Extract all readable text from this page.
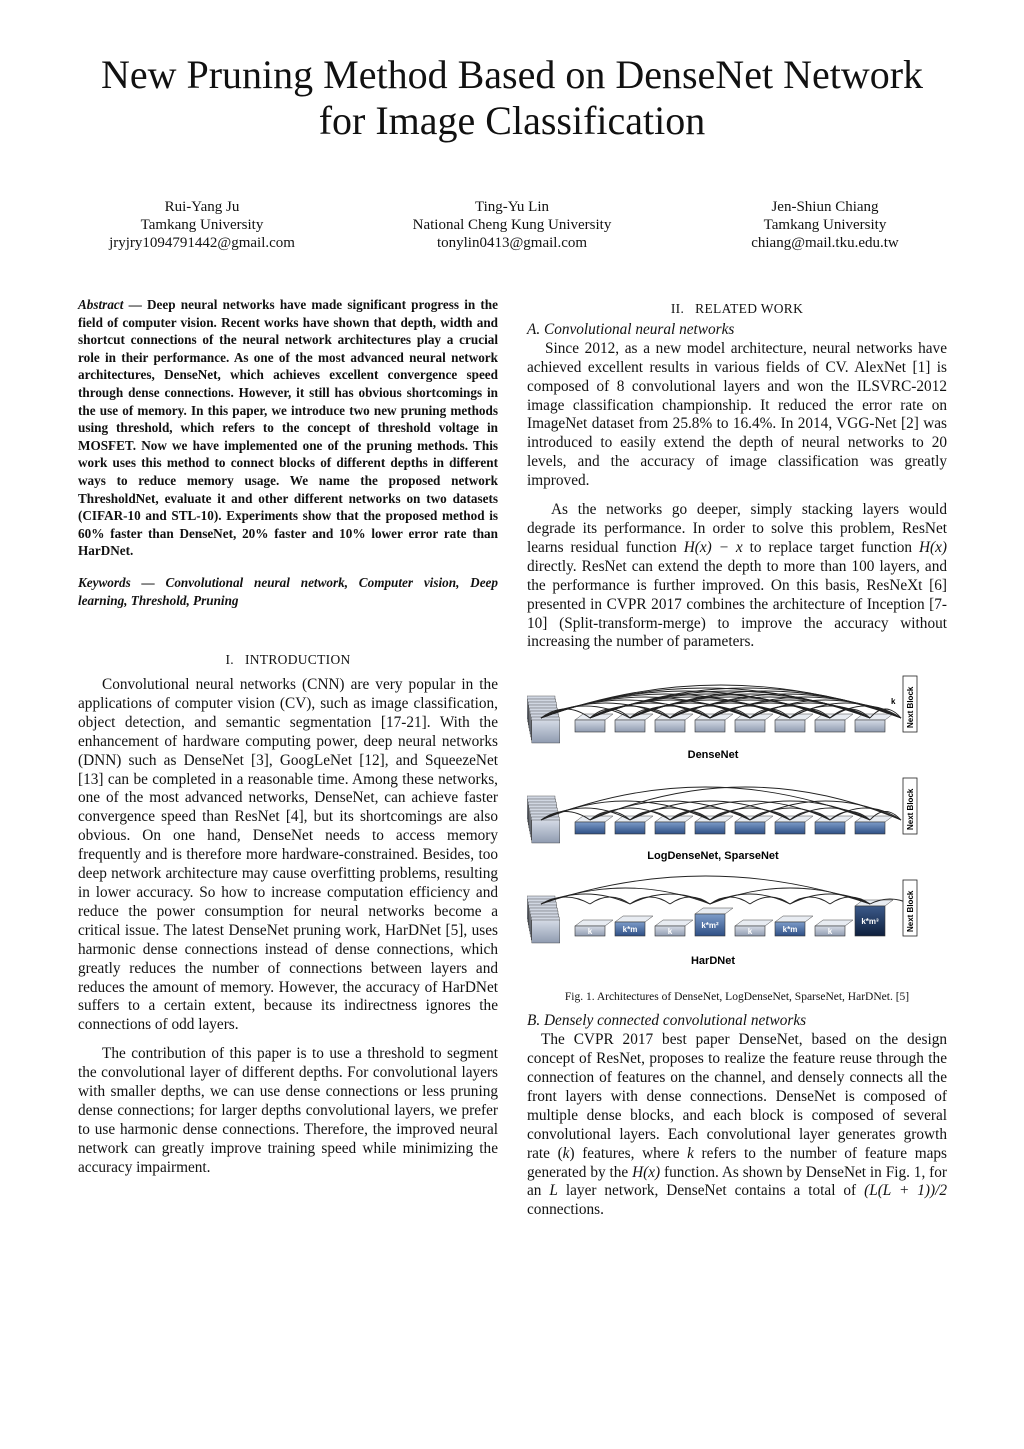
New Pruning Method Based on DenseNet Network
for Image Classification
Rui-Yang Ju
Tamkang University
jryjry1094791442@gmail.com
Ting-Yu Lin
National Cheng Kung University
tonylin0413@gmail.com
Jen-Shiun Chiang
Tamkang University
chiang@mail.tku.edu.tw

Abstract — Deep neural networks have made significant progress in the field of computer vision. Recent works have shown that depth, width and shortcut connections of the neural network architectures play a crucial role in their performance. As one of the most advanced neural network architectures, DenseNet, which achieves excellent convergence speed through dense connections. However, it still has obvious shortcomings in the use of memory. In this paper, we introduce two new pruning methods using threshold, which refers to the concept of threshold voltage in MOSFET. Now we have implemented one of the pruning methods. This work uses this method to connect blocks of different depths in different ways to reduce memory usage. We name the proposed network ThresholdNet, evaluate it and other different networks on two datasets (CIFAR-10 and STL-10). Experiments show that the proposed method is 60% faster than DenseNet, 20% faster and 10% lower error rate than HarDNet.

Keywords — Convolutional neural network, Computer vision, Deep learning, Threshold, Pruning

I. INTRODUCTION

Convolutional neural networks (CNN) are very popular in the applications of computer vision (CV), such as image classification, object detection, and semantic segmentation [17-21]. With the enhancement of hardware computing power, deep neural networks (DNN) such as DenseNet [3], GoogLeNet [12], and SqueezeNet [13] can be completed in a reasonable time. Among these networks, one of the most advanced networks, DenseNet, can achieve faster convergence speed than ResNet [4], but its shortcomings are also obvious. On one hand, DenseNet needs to access memory frequently and is therefore more hardware-constrained. Besides, too deep network architecture may cause overfitting problems, resulting in lower accuracy. So how to increase computation efficiency and reduce the power consumption for neural networks become a critical issue. The latest DenseNet pruning work, HarDNet [5], uses harmonic dense connections instead of dense connections, which greatly reduces the number of connections between layers and reduces the amount of memory. However, the accuracy of HarDNet suffers to a certain extent, because its indirectness ignores the connections of odd layers.

The contribution of this paper is to use a threshold to segment the convolutional layer of different depths. For convolutional layers with smaller depths, we can use dense connections or less pruning dense connections; for larger depths convolutional layers, we prefer to use harmonic dense connections. Therefore, the improved neural network can greatly improve training speed while minimizing the accuracy impairment.

II. RELATED WORK

A. Convolutional neural networks

Since 2012, as a new model architecture, neural networks have achieved excellent results in various fields of CV. AlexNet [1] is composed of 8 convolutional layers and won the ILSVRC-2012 image classification championship. It reduced the error rate on ImageNet dataset from 25.8% to 16.4%. In 2014, VGG-Net [2] was introduced to easily extend the depth of neural networks to 20 levels, and the accuracy of image classification was greatly improved.

As the networks go deeper, simply stacking layers would degrade its performance. In order to solve this problem, ResNet learns residual function H(x) − x to replace target function H(x) directly. ResNet can extend the depth to more than 100 layers, and the performance is further improved. On this basis, ResNeXt [6] presented in CVPR 2017 combines the architecture of Inception [7-10] (Split-transform-merge) to improve the accuracy without increasing the number of parameters.

Next Block
k
Next Block
k	k*m	k
k*m²
k	k*m	k
k*m³	Next Block
DenseNet
LogDenseNet, SparseNet
HarDNet
Fig. 1. Architectures of DenseNet, LogDenseNet, SparseNet, HarDNet. [5]

B. Densely connected convolutional networks

The CVPR 2017 best paper DenseNet, based on the design concept of ResNet, proposes to realize the feature reuse through the connection of features on the channel, and densely connects all the front layers with dense connections. DenseNet is composed of multiple dense blocks, and each block is composed of several convolutional layers. Each convolutional layer generates growth rate (k) features, where k refers to the number of feature maps generated by the H(x) function. As shown by DenseNet in Fig. 1, for an L layer network, DenseNet contains a total of (L(L + 1))/2 connections.
